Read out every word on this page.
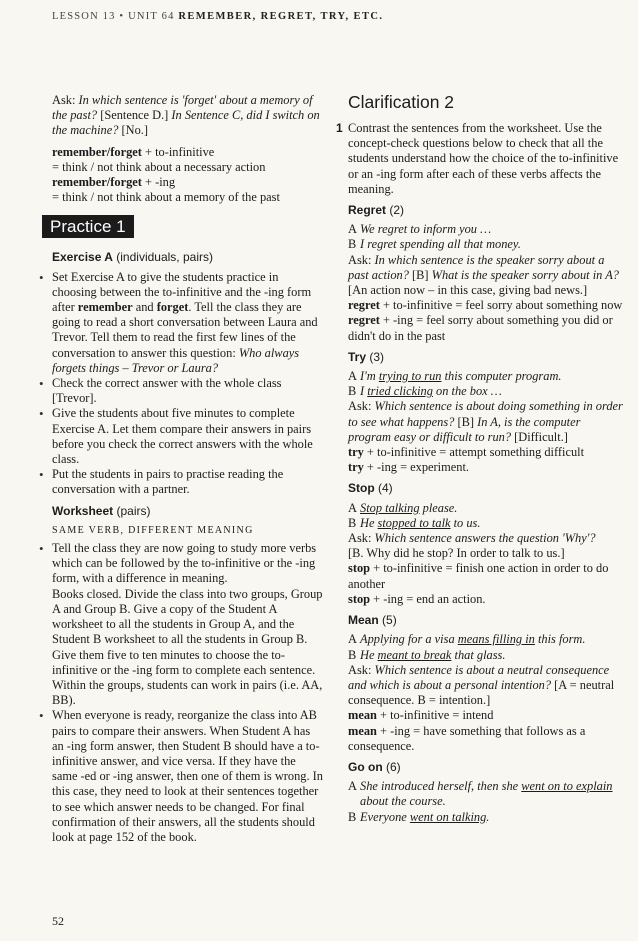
LESSON 13 • UNIT 64 REMEMBER, REGRET, TRY, ETC.

Ask: In which sentence is 'forget' about a memory of the past? [Sentence D.] In Sentence C, did I switch on the machine? [No.]

remember/forget + to-infinitive
= think / not think about a necessary action
remember/forget + -ing
= think / not think about a memory of the past

Practice 1
Exercise A (individuals, pairs)
• Set Exercise A to give the students practice in choosing between the to-infinitive and the -ing form after remember and forget. Tell the class they are going to read a short conversation between Laura and Trevor. Tell them to read the first few lines of the conversation to answer this question: Who always forgets things – Trevor or Laura?
• Check the correct answer with the whole class [Trevor].
• Give the students about five minutes to complete Exercise A. Let them compare their answers in pairs before you check the correct answers with the whole class.
• Put the students in pairs to practise reading the conversation with a partner.
Worksheet (pairs)
SAME VERB, DIFFERENT MEANING
• Tell the class they are now going to study more verbs which can be followed by the to-infinitive or the -ing form, with a difference in meaning.
Books closed. Divide the class into two groups, Group A and Group B. Give a copy of the Student A worksheet to all the students in Group A, and the Student B worksheet to all the students in Group B. Give them five to ten minutes to choose the to-infinitive or the -ing form to complete each sentence. Within the groups, students can work in pairs (i.e. AA, BB).
• When everyone is ready, reorganize the class into AB pairs to compare their answers. When Student A has an -ing form answer, then Student B should have a to-infinitive answer, and vice versa. If they have the same -ed or -ing answer, then one of them is wrong. In this case, they need to look at their sentences together to see which answer needs to be changed. For final confirmation of their answers, all the students should look at page 152 of the book.
52
Clarification 2
1 Contrast the sentences from the worksheet. Use the concept-check questions below to check that all the students understand how the choice of the to-infinitive or an -ing form after each of these verbs affects the meaning.

Regret (2)
A We regret to inform you …
B I regret spending all that money.

Ask: In which sentence is the speaker sorry about a past action? [B] What is the speaker sorry about in A? [An action now – in this case, giving bad news.]

regret + to-infinitive = feel sorry about something now

regret + -ing = feel sorry about something you did or didn't do in the past

Try (3)
A I'm trying to run this computer program.
B I tried clicking on the box …

Ask: Which sentence is about doing something in order to see what happens? [B] In A, is the computer program easy or difficult to run? [Difficult.]

try + to-infinitive = attempt something difficult

try + -ing = experiment.

Stop (4)
A Stop talking please.
B He stopped to talk to us.

Ask: Which sentence answers the question 'Why'?
[B. Why did he stop? In order to talk to us.]

stop + to-infinitive = finish one action in order to do another

stop + -ing = end an action.

Mean (5)
A Applying for a visa means filling in this form.
B He meant to break that glass.

Ask: Which sentence is about a neutral consequence and which is about a personal intention? [A = neutral consequence. B = intention.]

mean + to-infinitive = intend

mean + -ing = have something that follows as a consequence.

Go on (6)
A She introduced herself, then she went on to explain about the course.
B Everyone went on talking.
